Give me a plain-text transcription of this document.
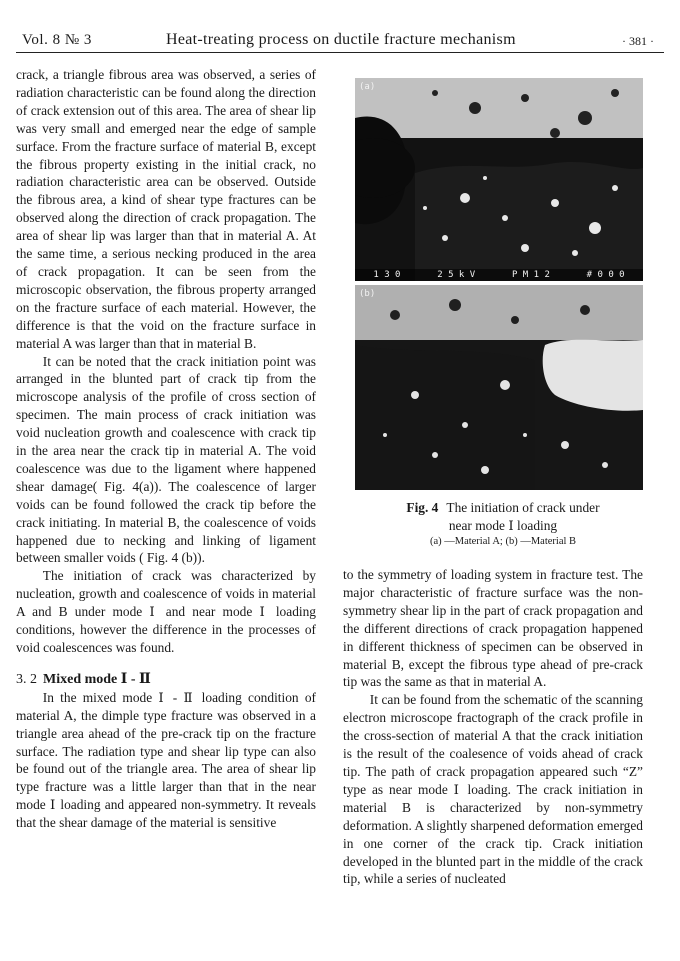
Vol. 8 № 3	Heat-treating process on ductile fracture mechanism	· 381 ·

crack, a triangle fibrous area was observed, a series of radiation characteristic can be found along the direction of crack extension out of this area. The area of shear lip was very small and emerged near the edge of sample surface. From the fracture surface of material B, except the fibrous property existing in the initial crack, no radiation characteristic area can be observed. Outside the fibrous area, a kind of shear type fractures can be observed along the direction of crack propagation. The area of shear lip was larger than that in material A. At the same time, a serious necking produced in the area of crack propagation. It can be seen from the microscopic observation, the fibrous property arranged on the fracture surface of each material. However, the difference is that the void on the fracture surface in material A was larger than that in material B.

It can be noted that the crack initiation point was arranged in the blunted part of crack tip from the microscope analysis of the profile of cross section of specimen. The main process of crack initiation was void nucleation growth and coalescence with crack tip in the area near the crack tip in material A. The void coalescence was due to the ligament where happened shear damage( Fig. 4(a)). The coalescence of larger voids can be found followed the crack tip before the crack initiating. In material B, the coalescence of voids happened due to necking and linking of ligament between smaller voids ( Fig. 4 (b)).

The initiation of crack was characterized by nucleation, growth and coalescence of voids in material A and B under mode Ⅰ and near mode Ⅰ loading conditions, however the difference in the processes of void coalescences was found.

3. 2 Mixed mode Ⅰ - Ⅱ

In the mixed mode Ⅰ - Ⅱ loading condition of material A, the dimple type fracture was observed in a triangle area ahead of the pre-crack tip on the fracture surface. The radiation type and shear lip type can also be found out of the triangle area. The area of shear lip type fracture was a little larger than that in the near mode Ⅰ loading and appeared non-symmetry. It reveals that the shear damage of the material is sensitive

(a)
1 3 0	2 5 k V	P M 1 2	# 0 0 0
(b)
Fig. 4 The initiation of crack under
near mode Ⅰ loading
(a) —Material A; (b) —Material B

to the symmetry of loading system in fracture test. The major characteristic of fracture surface was the non-symmetry shear lip in the part of crack propagation and the different directions of crack propagation happened in different thickness of specimen can be observed in material B, except the fibrous type ahead of pre-crack tip was the same as that in material A.

It can be found from the schematic of the scanning electron microscope fractograph of the crack profile in the cross-section of material A that the crack initiation is the result of the coalesence of voids ahead of crack tip. The path of crack propagation appeared such “Z” type as near mode Ⅰ loading. The crack initiation in material B is characterized by non-symmetry deformation. A slightly sharpened deformation emerged in one corner of the crack tip. Crack initiation developed in the blunted part in the middle of the crack tip, while a series of nucleated
